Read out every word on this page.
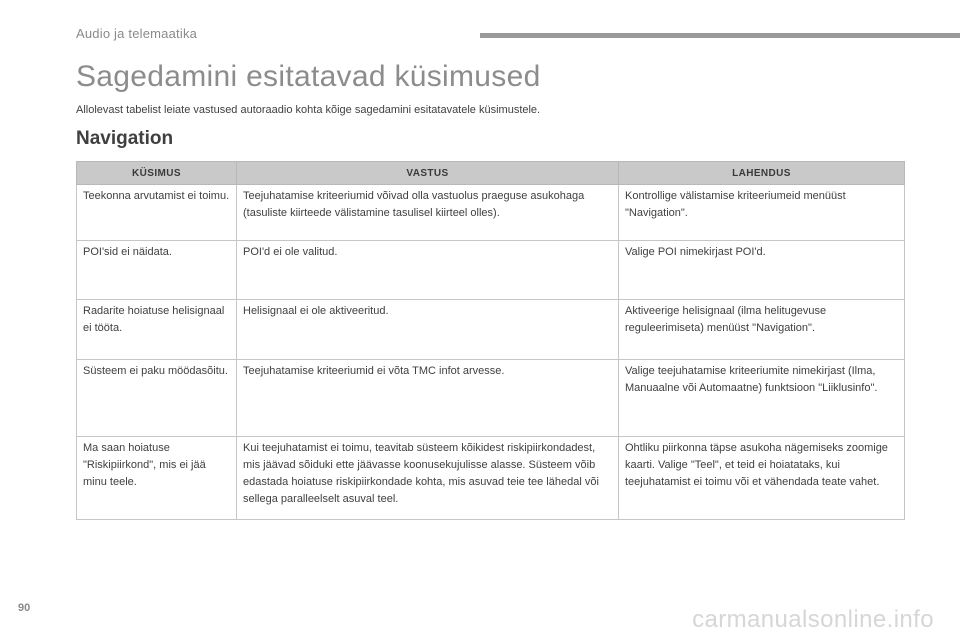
Audio ja telemaatika
Sagedamini esitatavad küsimused
Allolevast tabelist leiate vastused autoraadio kohta kõige sagedamini esitatavatele küsimustele.
Navigation
KÜSIMUS	VASTUS	LAHENDUS
Teekonna arvutamist ei toimu.	Teejuhatamise kriteeriumid võivad olla vastuolus praeguse asukohaga (tasuliste kiirteede välistamine tasulisel kiirteel olles).	Kontrollige välistamise kriteeriumeid menüüst "Navigation".
POI'sid ei näidata.	POI'd ei ole valitud.	Valige POI nimekirjast POI'd.
Radarite hoiatuse helisignaal ei tööta.	Helisignaal ei ole aktiveeritud.	Aktiveerige helisignaal (ilma helitugevuse reguleerimiseta) menüüst "Navigation".
Süsteem ei paku möödasõitu.	Teejuhatamise kriteeriumid ei võta TMC infot arvesse.	Valige teejuhatamise kriteeriumite nimekirjast (Ilma, Manuaalne või Automaatne) funktsioon "Liiklusinfo".
Ma saan hoiatuse "Riskipiirkond", mis ei jää minu teele.	Kui teejuhatamist ei toimu, teavitab süsteem kõikidest riskipiirkondadest, mis jäävad sõiduki ette jäävasse koonusekujulisse alasse. Süsteem võib edastada hoiatuse riskipiirkondade kohta, mis asuvad teie tee lähedal või sellega paralleelselt asuval teel.	Ohtliku piirkonna täpse asukoha nägemiseks zoomige kaarti. Valige "Teel", et teid ei hoiatataks, kui teejuhatamist ei toimu või et vähendada teate vahet.
90	carmanualsonline.info
